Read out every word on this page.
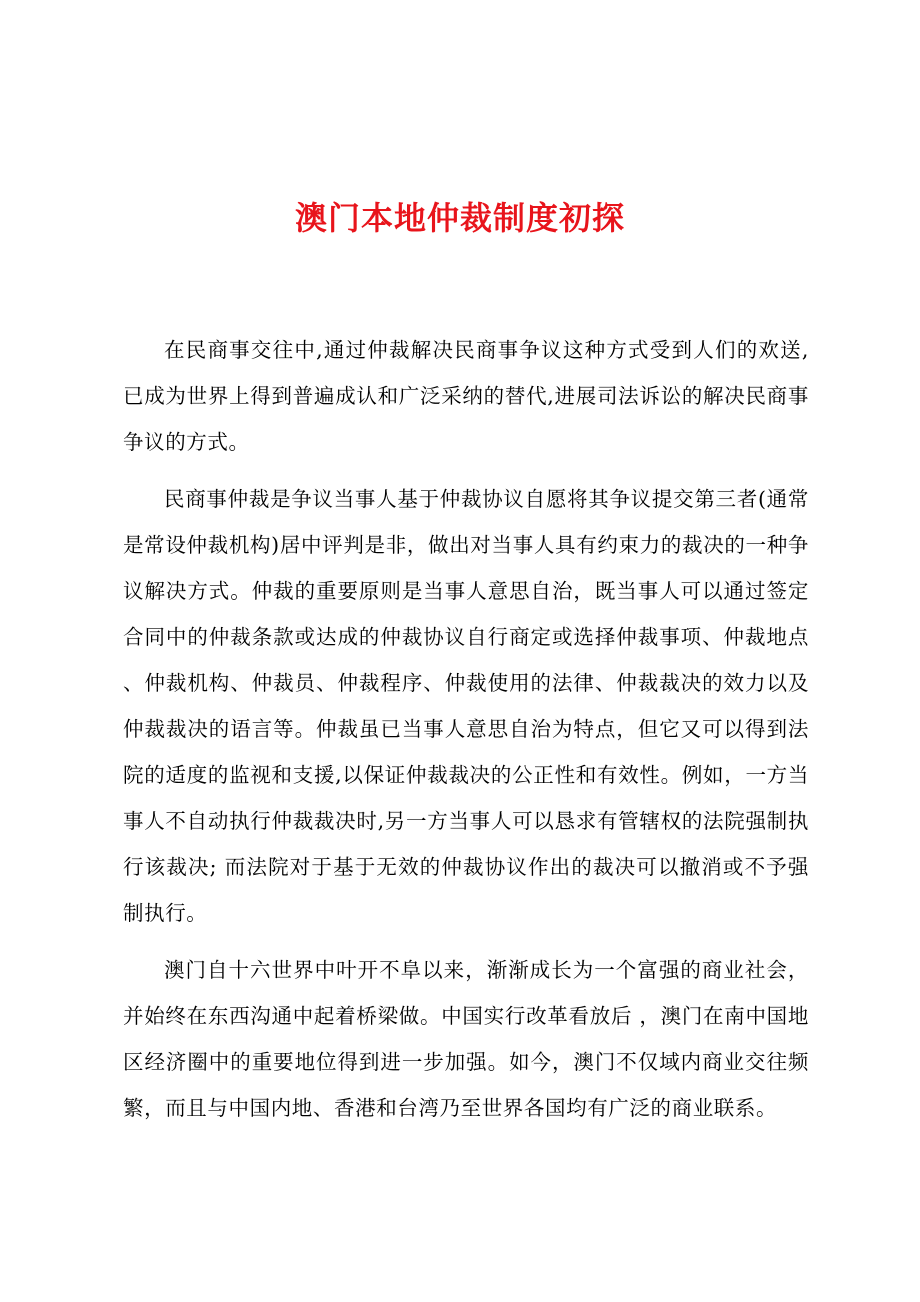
澳门本地仲裁制度初探

在民商事交往中,通过仲裁解决民商事争议这种方式受到人们的欢送,已成为世界上得到普遍成认和广泛采纳的替代,进展司法诉讼的解决民商事争议的方式。

民商事仲裁是争议当事人基于仲裁协议自愿将其争议提交第三者(通常是常设仲裁机构)居中评判是非，做出对当事人具有约束力的裁决的一种争议解决方式。仲裁的重要原则是当事人意思自治，既当事人可以通过签定合同中的仲裁条款或达成的仲裁协议自行商定或选择仲裁事项、仲裁地点 、仲裁机构、仲裁员、仲裁程序、仲裁使用的法律、仲裁裁决的效力以及仲裁裁决的语言等。仲裁虽已当事人意思自治为特点，但它又可以得到法院的适度的监视和支援,以保证仲裁裁决的公正性和有效性。例如，一方当事人不自动执行仲裁裁决时,另一方当事人可以恳求有管辖权的法院强制执行该裁决; 而法院对于基于无效的仲裁协议作出的裁决可以撤消或不予强制执行。

澳门自十六世界中叶开不阜以来，渐渐成长为一个富强的商业社会，并始终在东西沟通中起着桥梁做。中国实行改革看放后 ，澳门在南中国地区经济圈中的重要地位得到进一步加强。如今，澳门不仅域内商业交往频繁，而且与中国内地、香港和台湾乃至世界各国均有广泛的商业联系。
